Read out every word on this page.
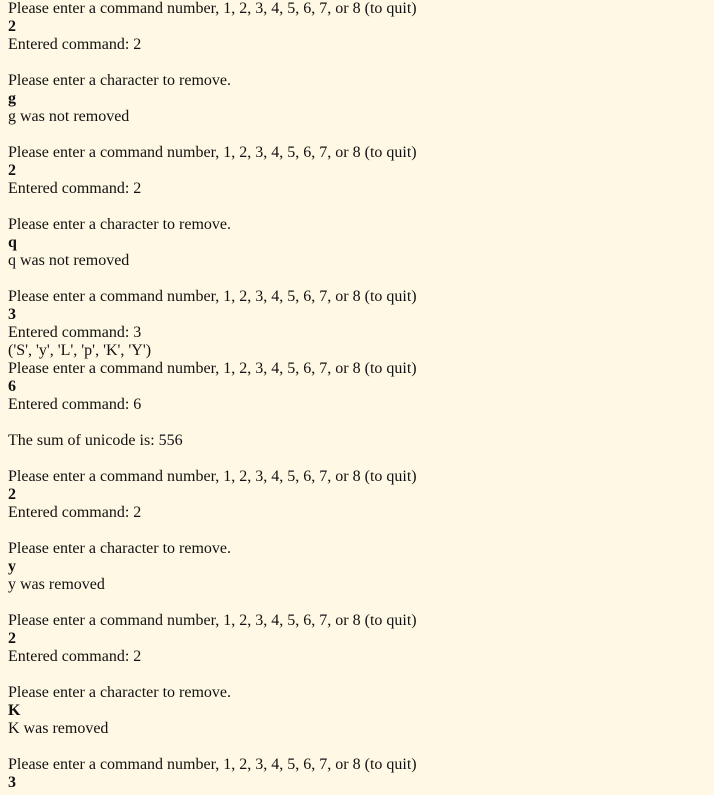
Please enter a command number, 1, 2, 3, 4, 5, 6, 7, or 8 (to quit)
2
Entered command: 2
Please enter a character to remove.
g
g was not removed
Please enter a command number, 1, 2, 3, 4, 5, 6, 7, or 8 (to quit)
2
Entered command: 2
Please enter a character to remove.
q
q was not removed
Please enter a command number, 1, 2, 3, 4, 5, 6, 7, or 8 (to quit)
3
Entered command: 3
('S', 'y', 'L', 'p', 'K', 'Y')
Please enter a command number, 1, 2, 3, 4, 5, 6, 7, or 8 (to quit)
6
Entered command: 6
The sum of unicode is: 556
Please enter a command number, 1, 2, 3, 4, 5, 6, 7, or 8 (to quit)
2
Entered command: 2
Please enter a character to remove.
y
y was removed
Please enter a command number, 1, 2, 3, 4, 5, 6, 7, or 8 (to quit)
2
Entered command: 2
Please enter a character to remove.
K
K was removed
Please enter a command number, 1, 2, 3, 4, 5, 6, 7, or 8 (to quit)
3
